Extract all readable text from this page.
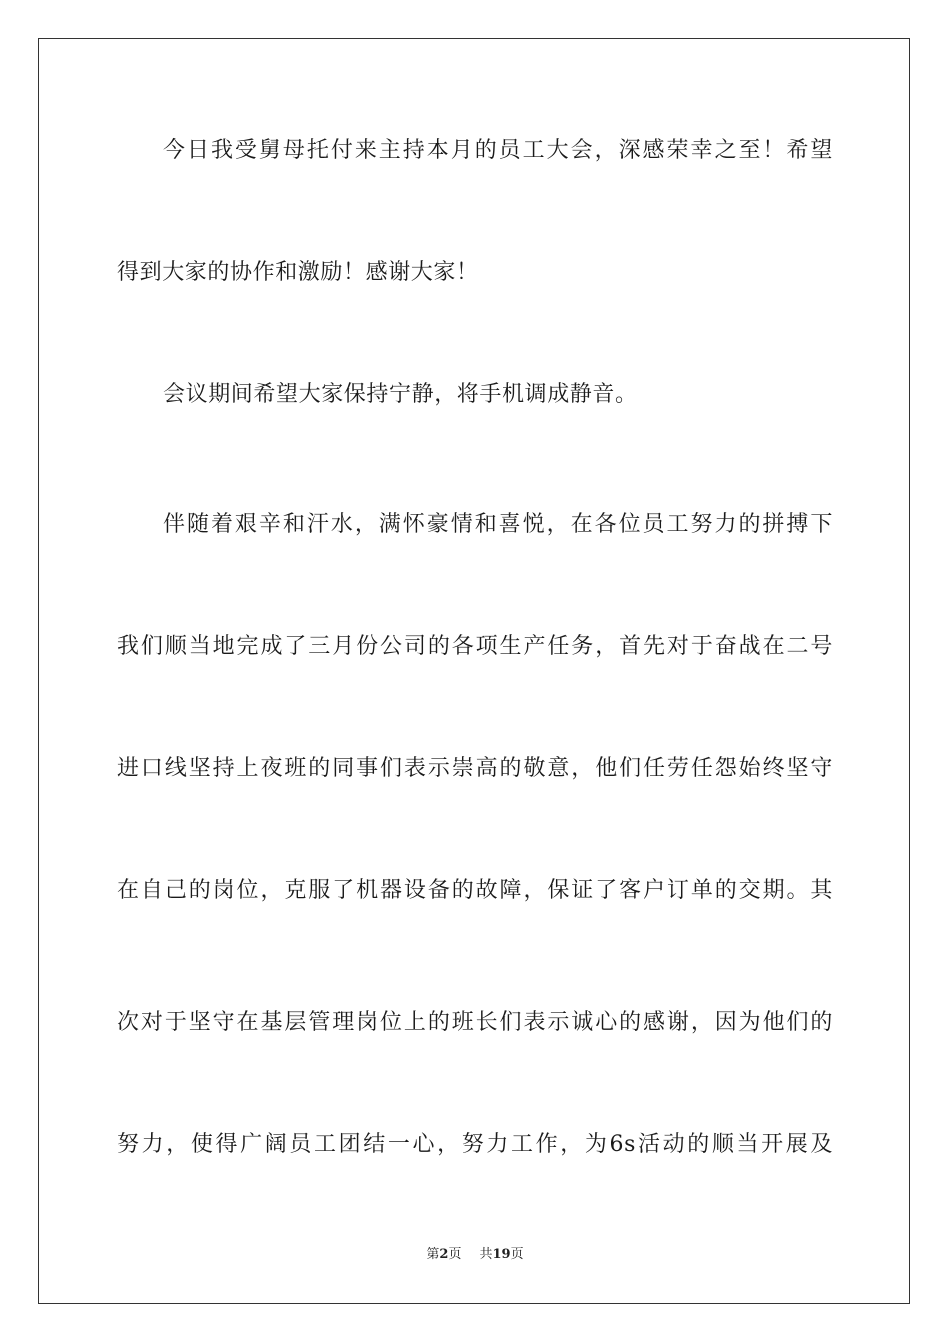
今日我受舅母托付来主持本月的员工大会，深感荣幸之至！希望
得到大家的协作和激励！感谢大家！
会议期间希望大家保持宁静，将手机调成静音。
伴随着艰辛和汗水，满怀豪情和喜悦，在各位员工努力的拼搏下
我们顺当地完成了三月份公司的各项生产任务，首先对于奋战在二号
进口线坚持上夜班的同事们表示崇高的敬意，他们任劳任怨始终坚守
在自己的岗位，克服了机器设备的故障，保证了客户订单的交期。其
次对于坚守在基层管理岗位上的班长们表示诚心的感谢，因为他们的
努力，使得广阔员工团结一心，努力工作，为6s活动的顺当开展及
第2页 共19页
